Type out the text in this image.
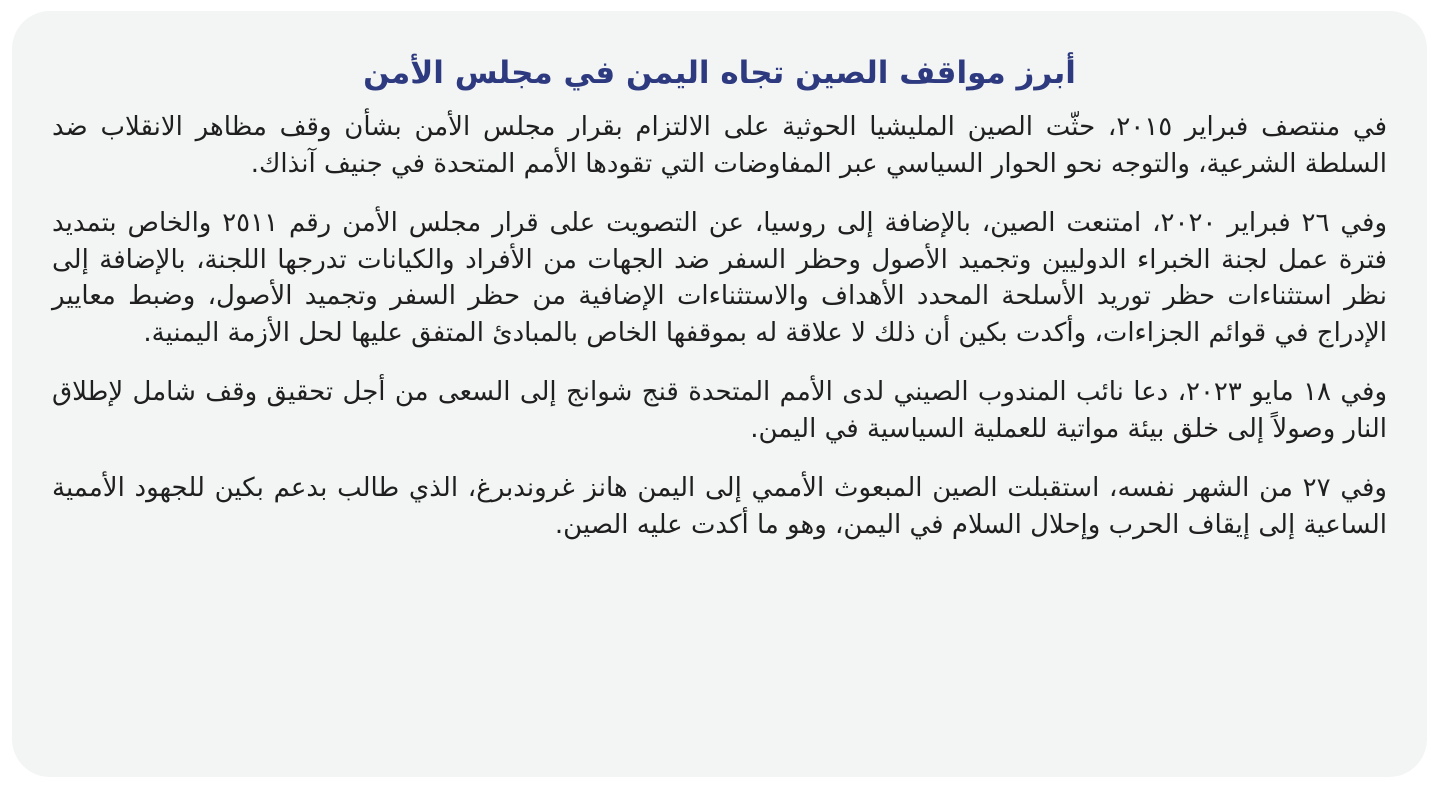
أبرز مواقف الصين تجاه اليمن في مجلس الأمن

في منتصف فبراير ٢٠١٥، حثّت الصين المليشيا الحوثية على الالتزام بقرار مجلس الأمن بشأن وقف مظاهر الانقلاب ضد السلطة الشرعية، والتوجه نحو الحوار السياسي عبر المفاوضات التي تقودها الأمم المتحدة في جنيف آنذاك.

وفي ٢٦ فبراير ٢٠٢٠، امتنعت الصين، بالإضافة إلى روسيا، عن التصويت على قرار مجلس الأمن رقم ٢٥١١ والخاص بتمديد فترة عمل لجنة الخبراء الدوليين وتجميد الأصول وحظر السفر ضد الجهات من الأفراد والكيانات تدرجها اللجنة، بالإضافة إلى نظر استثناءات حظر توريد الأسلحة المحدد الأهداف والاستثناءات الإضافية من حظر السفر وتجميد الأصول، وضبط معايير الإدراج في قوائم الجزاءات، وأكدت بكين أن ذلك لا علاقة له بموقفها الخاص بالمبادئ المتفق عليها لحل الأزمة اليمنية.

وفي ١٨ مايو ٢٠٢٣، دعا نائب المندوب الصيني لدى الأمم المتحدة قنج شوانج إلى السعى من أجل تحقيق وقف شامل لإطلاق النار وصولاً إلى خلق بيئة مواتية للعملية السياسية في اليمن.

وفي ٢٧ من الشهر نفسه، استقبلت الصين المبعوث الأممي إلى اليمن هانز غروندبرغ، الذي طالب بدعم بكين للجهود الأممية الساعية إلى إيقاف الحرب وإحلال السلام في اليمن، وهو ما أكدت عليه الصين.
